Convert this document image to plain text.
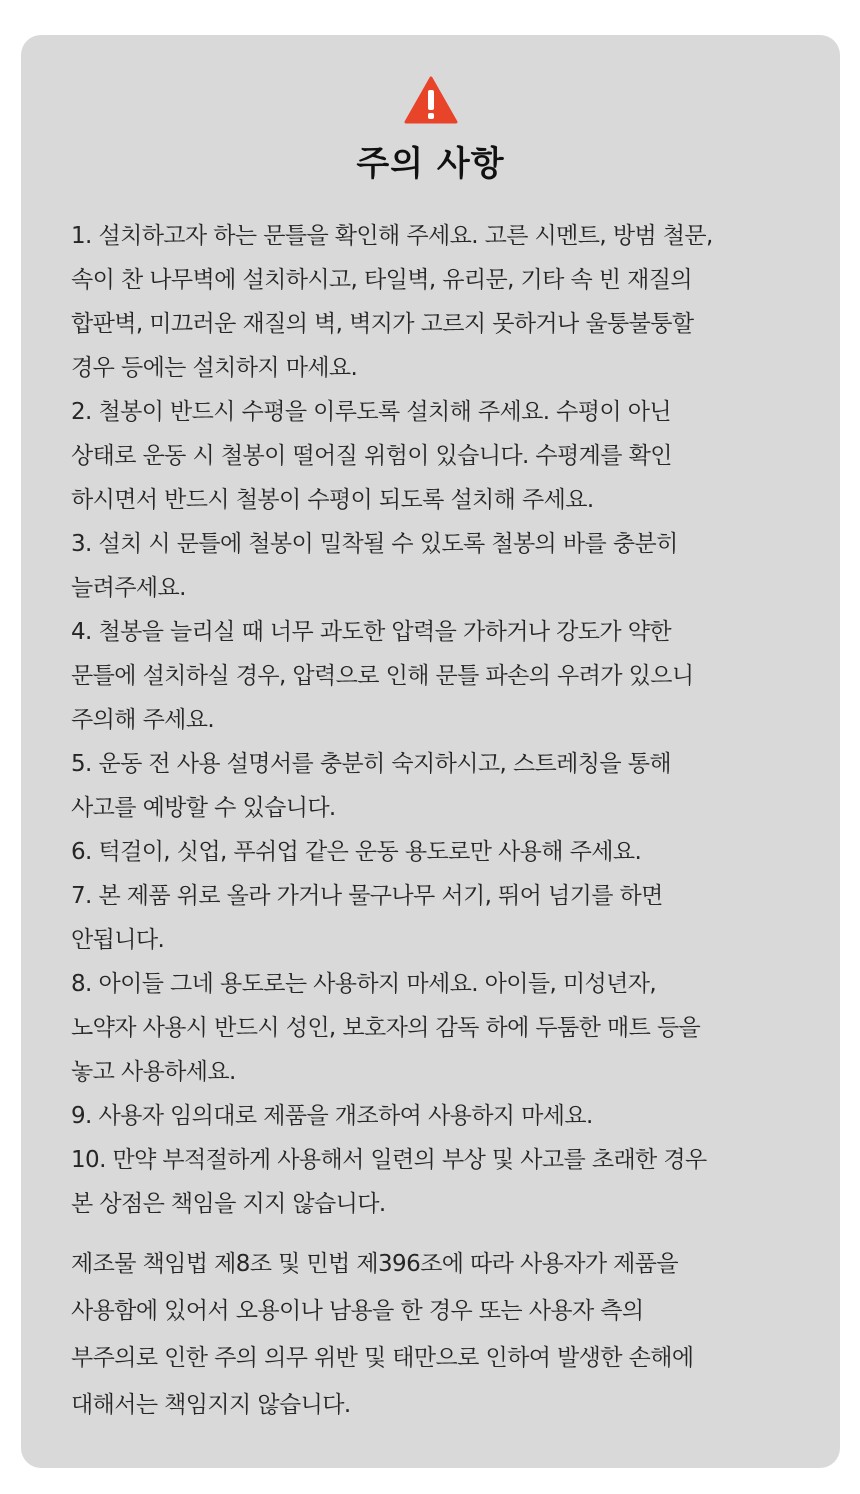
주의 사항
1. 설치하고자 하는 문틀을 확인해 주세요. 고른 시멘트, 방범 철문,
속이 찬 나무벽에 설치하시고, 타일벽, 유리문, 기타 속 빈 재질의
합판벽, 미끄러운 재질의 벽, 벽지가 고르지 못하거나 울퉁불퉁할
경우 등에는 설치하지 마세요.
2. 철봉이 반드시 수평을 이루도록 설치해 주세요. 수평이 아닌
상태로 운동 시 철봉이 떨어질 위험이 있습니다. 수평계를 확인
하시면서 반드시 철봉이 수평이 되도록 설치해 주세요.
3. 설치 시 문틀에 철봉이 밀착될 수 있도록 철봉의 바를 충분히
늘려주세요.
4. 철봉을 늘리실 때 너무 과도한 압력을 가하거나 강도가 약한
문틀에 설치하실 경우, 압력으로 인해 문틀 파손의 우려가 있으니
주의해 주세요.
5. 운동 전 사용 설명서를 충분히 숙지하시고, 스트레칭을 통해
사고를 예방할 수 있습니다.
6. 턱걸이, 싯업, 푸쉬업 같은 운동 용도로만 사용해 주세요.
7. 본 제품 위로 올라 가거나 물구나무 서기, 뛰어 넘기를 하면
안됩니다.
8. 아이들 그네 용도로는 사용하지 마세요. 아이들, 미성년자,
노약자 사용시 반드시 성인, 보호자의 감독 하에 두툼한 매트 등을
놓고 사용하세요.
9. 사용자 임의대로 제품을 개조하여 사용하지 마세요.
10. 만약 부적절하게 사용해서 일련의 부상 및 사고를 초래한 경우
본 상점은 책임을 지지 않습니다.
제조물 책임법 제8조 및 민법 제396조에 따라 사용자가 제품을
사용함에 있어서 오용이나 남용을 한 경우 또는 사용자 측의
부주의로 인한 주의 의무 위반 및 태만으로 인하여 발생한 손해에
대해서는 책임지지 않습니다.
